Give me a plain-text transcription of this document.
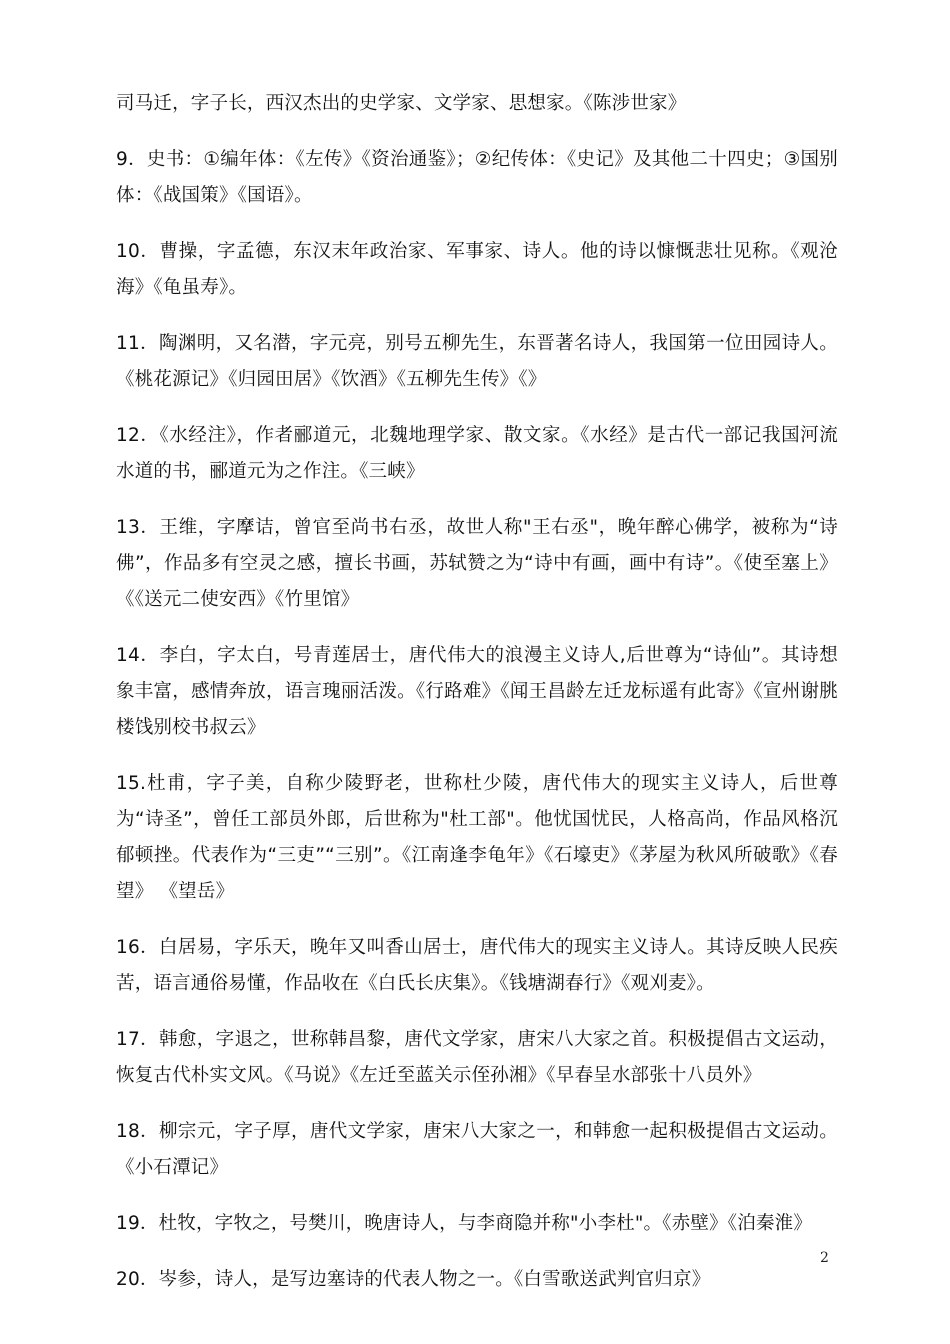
司马迁，字子长，西汉杰出的史学家、文学家、思想家。《陈涉世家》

9．史书：①编年体：《左传》《资治通鉴》；②纪传体：《史记》及其他二十四史；③国别体：《战国策》《国语》。

10．曹操，字孟德，东汉末年政治家、军事家、诗人。他的诗以慷慨悲壮见称。《观沧海》《龟虽寿》。

11．陶渊明，又名潜，字元亮，别号五柳先生，东晋著名诗人，我国第一位田园诗人。《桃花源记》《归园田居》《饮酒》《五柳先生传》《》

12．《水经注》，作者郦道元，北魏地理学家、散文家。《水经》是古代一部记我国河流水道的书，郦道元为之作注。《三峡》

13．王维，字摩诘，曾官至尚书右丞，故世人称"王右丞"，晚年醉心佛学，被称为“诗佛”，作品多有空灵之感，擅长书画，苏轼赞之为“诗中有画，画中有诗”。《使至塞上》《《送元二使安西》《竹里馆》

14．李白，字太白，号青莲居士，唐代伟大的浪漫主义诗人,后世尊为“诗仙”。其诗想象丰富，感情奔放，语言瑰丽活泼。《行路难》《闻王昌龄左迁龙标遥有此寄》《宣州谢朓楼饯别校书叔云》

15.杜甫，字子美，自称少陵野老，世称杜少陵，唐代伟大的现实主义诗人，后世尊为“诗圣”，曾任工部员外郎，后世称为"杜工部"。他忧国忧民，人格高尚，作品风格沉郁顿挫。代表作为“三吏”“三别”。《江南逢李龟年》《石壕吏》《茅屋为秋风所破歌》《春望》 《望岳》

16．白居易，字乐天，晚年又叫香山居士，唐代伟大的现实主义诗人。其诗反映人民疾苦，语言通俗易懂，作品收在《白氏长庆集》。《钱塘湖春行》《观刈麦》。

17．韩愈，字退之，世称韩昌黎，唐代文学家，唐宋八大家之首。积极提倡古文运动，恢复古代朴实文风。《马说》《左迁至蓝关示侄孙湘》《早春呈水部张十八员外》

18．柳宗元，字子厚，唐代文学家，唐宋八大家之一，和韩愈一起积极提倡古文运动。《小石潭记》

19．杜牧，字牧之，号樊川，晚唐诗人，与李商隐并称"小李杜"。《赤壁》《泊秦淮》

20．岑参，诗人，是写边塞诗的代表人物之一。《白雪歌送武判官归京》

2
